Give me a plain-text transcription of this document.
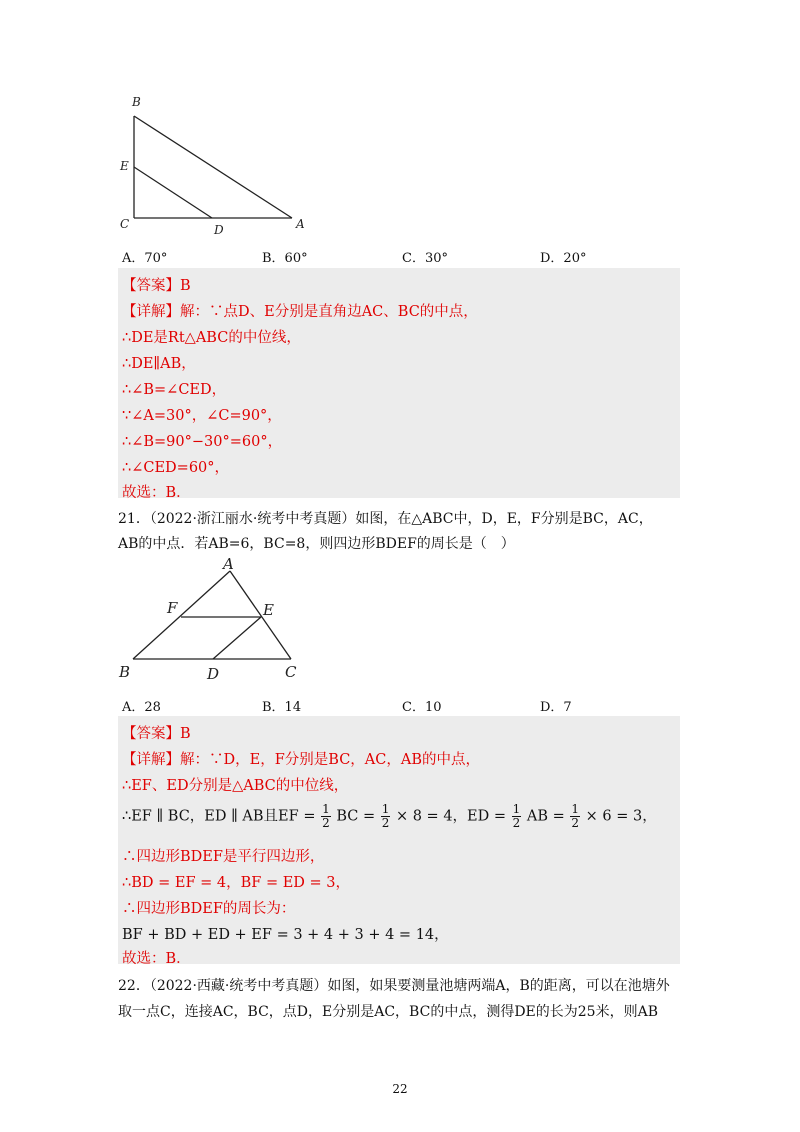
B
E
C	D	A
A．70°	B．60°	C．30°	D．20°
【答案】B
【详解】解：∵点D、E分别是直角边AC、BC的中点，
∴DE是Rt△ABC的中位线，
∴DE∥AB，
∴∠B=∠CED，
∵∠A=30°，∠C=90°，
∴∠B=90°−30°=60°，
∴∠CED=60°，
故选：B．
21．（2022·浙江丽水·统考中考真题）如图，在△ABC中，D，E，F分别是BC，AC，
AB的中点．若AB=6，BC=8，则四边形BDEF的周长是（　）
A
F	E
B	D	C
A．28	B．14	C．10	D．7
【答案】B
【详解】解：∵D，E，F分别是BC，AC，AB的中点，
∴EF、ED分别是△ABC的中位线，
∴EF ∥ BC，ED ∥ AB且EF = $\frac{1}{2}$ BC = $\frac{1}{2} \times 8 = 4$，ED = $\frac{1}{2}$ AB = $\frac{1}{2} \times 6 = 3$，
∴四边形BDEF是平行四边形，
∴BD = EF = 4，BF = ED = 3，
∴四边形BDEF的周长为：
BF + BD + ED + EF = 3 + 4 + 3 + 4 = 14，
故选：B．
22．（2022·西藏·统考中考真题）如图，如果要测量池塘两端A，B的距离，可以在池塘外
取一点C，连接AC，BC，点D，E分别是AC，BC的中点，测得DE的长为25米，则AB
22
